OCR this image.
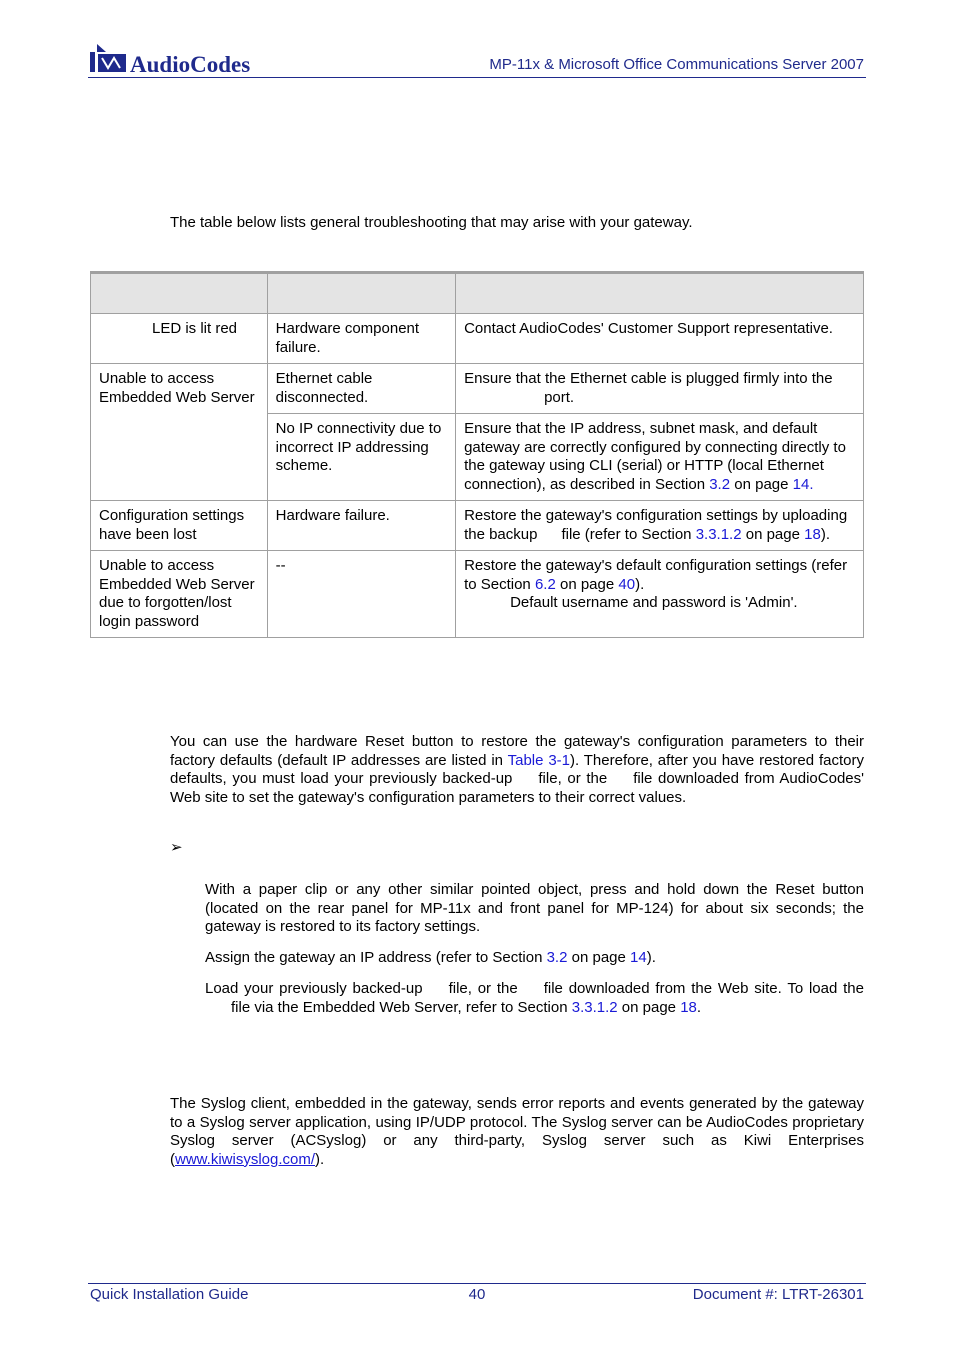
AudioCodes	MP-11x & Microsoft Office Communications Server 2007
The table below lists general troubleshooting that may arise with your gateway.

LED is lit red	Hardware component failure.	Contact AudioCodes' Customer Support representative.
Unable to access Embedded Web Server	Ethernet cable disconnected.	Ensure that the Ethernet cable is plugged firmly into the
port.
	No IP connectivity due to incorrect IP addressing scheme.	Ensure that the IP address, subnet mask, and default gateway are correctly configured by connecting directly to the gateway using CLI (serial) or HTTP (local Ethernet connection), as described in Section 3.2 on page 14.
Configuration settings have been lost	Hardware failure.	Restore the gateway's configuration settings by uploading the backup file (refer to Section 3.3.1.2 on page 18).
Unable to access Embedded Web Server due to forgotten/lost login password	--	Restore the gateway's default configuration settings (refer to Section 6.2 on page 40).
Default username and password is 'Admin'.
You can use the hardware Reset button to restore the gateway's configuration parameters to their factory defaults (default IP addresses are listed in Table 3-1). Therefore, after you have restored factory defaults, you must load your previously backed-up file, or the file downloaded from AudioCodes' Web site to set the gateway's configuration parameters to their correct values.
➢
With a paper clip or any other similar pointed object, press and hold down the Reset button (located on the rear panel for MP-11x and front panel for MP-124) for about six seconds; the gateway is restored to its factory settings.
Assign the gateway an IP address (refer to Section 3.2 on page 14).
Load your previously backed-up file, or the file downloaded from the Web site. To load thefile via the Embedded Web Server, refer to Section 3.3.1.2 on page 18.
The Syslog client, embedded in the gateway, sends error reports and events generated by the gateway to a Syslog server application, using IP/UDP protocol. The Syslog server can be AudioCodes proprietary Syslog server (ACSyslog) or any third-party, Syslog server such as Kiwi Enterprises (www.kiwisyslog.com/).
Quick Installation Guide	40	Document #: LTRT-26301
